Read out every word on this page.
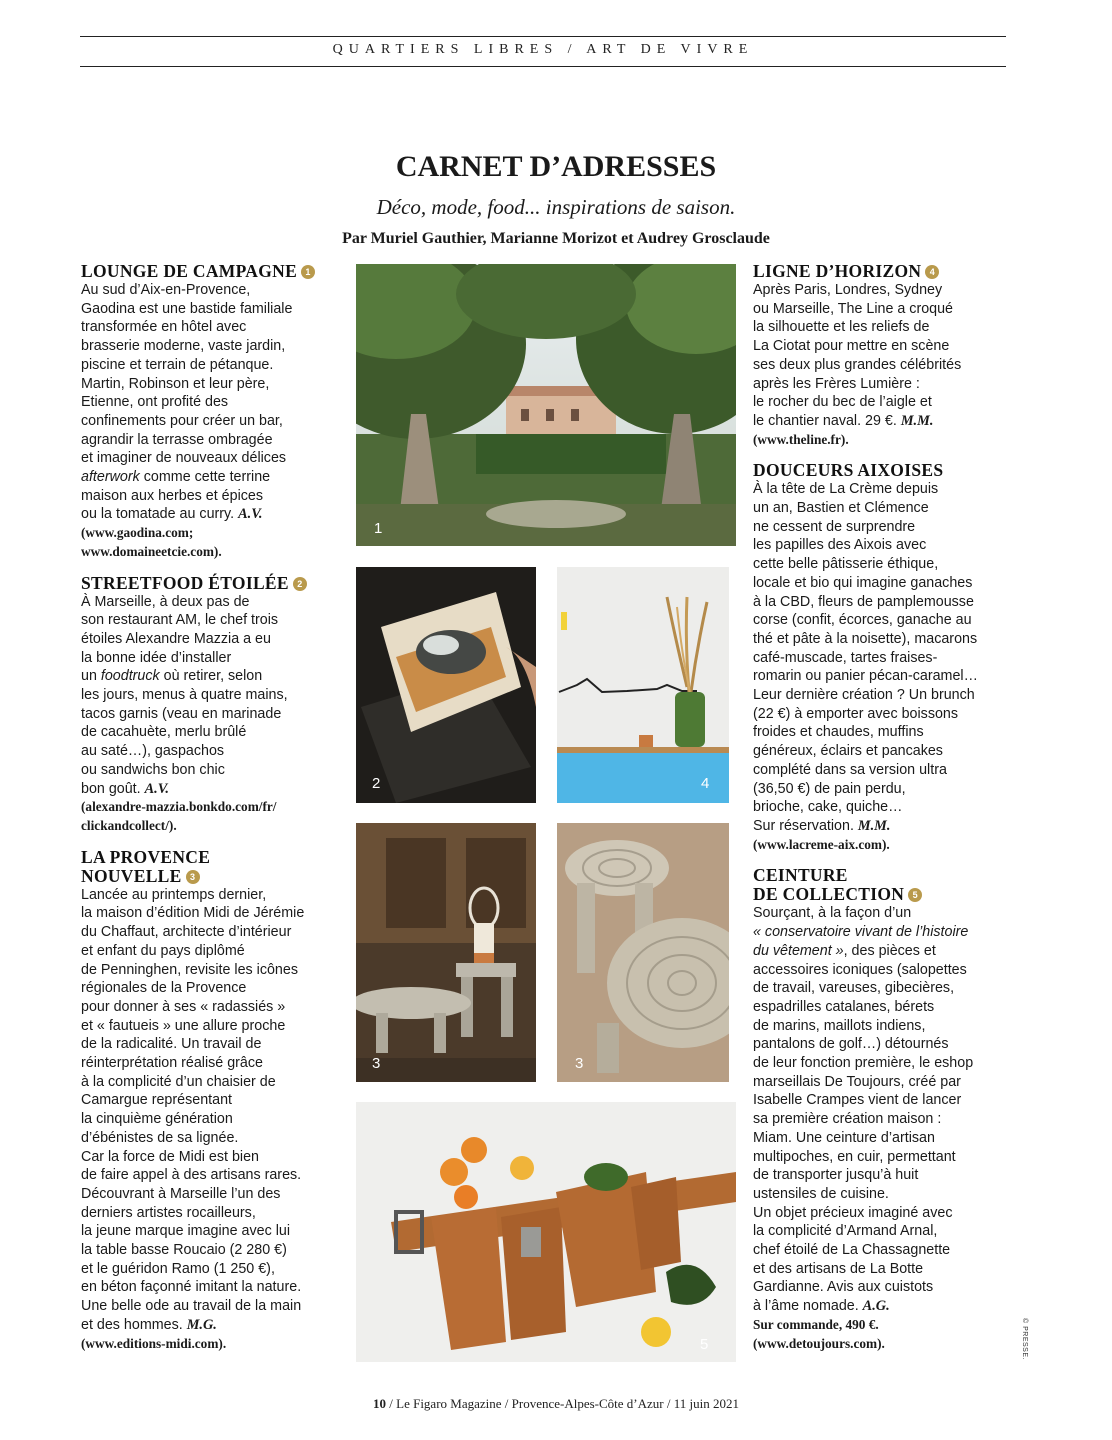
QUARTIERS LIBRES / ART DE VIVRE
CARNET D’ADRESSES
Déco, mode, food... inspirations de saison.
Par Muriel Gauthier, Marianne Morizot et Audrey Grosclaude
LOUNGE DE CAMPAGNE 1
Au sud d’Aix-en-Provence,
Gaodina est une bastide familiale
transformée en hôtel avec
brasserie moderne, vaste jardin,
piscine et terrain de pétanque.
Martin, Robinson et leur père,
Etienne, ont profité des
confinements pour créer un bar,
agrandir la terrasse ombragée
et imaginer de nouveaux délices
afterwork comme cette terrine
maison aux herbes et épices
ou la tomatade au curry. A.V.
(www.gaodina.com;
www.domaineetcie.com).
STREETFOOD ÉTOILÉE 2
À Marseille, à deux pas de
son restaurant AM, le chef trois
étoiles Alexandre Mazzia a eu
la bonne idée d’installer
un foodtruck où retirer, selon
les jours, menus à quatre mains,
tacos garnis (veau en marinade
de cacahuète, merlu brûlé
au saté…), gaspachos
ou sandwichs bon chic
bon goût. A.V.
(alexandre-mazzia.bonkdo.com/fr/
clickandcollect/).
LA PROVENCE
NOUVELLE 3
Lancée au printemps dernier,
la maison d’édition Midi de Jérémie
du Chaffaut, architecte d’intérieur
et enfant du pays diplômé
de Penninghen, revisite les icônes
régionales de la Provence
pour donner à ses « radassiés »
et « fautueis » une allure proche
de la radicalité. Un travail de
réinterprétation réalisé grâce
à la complicité d’un chaisier de
Camargue représentant
la cinquième génération
d’ébénistes de sa lignée.
Car la force de Midi est bien
de faire appel à des artisans rares.
Découvrant à Marseille l’un des
derniers artistes rocailleurs,
la jeune marque imagine avec lui
la table basse Roucaio (2 280 €)
et le guéridon Ramo (1 250 €),
en béton façonné imitant la nature.
Une belle ode au travail de la main
et des hommes. M.G.
(www.editions-midi.com).
LIGNE D’HORIZON 4
Après Paris, Londres, Sydney
ou Marseille, The Line a croqué
la silhouette et les reliefs de
La Ciotat pour mettre en scène
ses deux plus grandes célébrités
après les Frères Lumière :
le rocher du bec de l’aigle et
le chantier naval. 29 €. M.M.
(www.theline.fr).
DOUCEURS AIXOISES
À la tête de La Crème depuis
un an, Bastien et Clémence
ne cessent de surprendre
les papilles des Aixois avec
cette belle pâtisserie éthique,
locale et bio qui imagine ganaches
à la CBD, fleurs de pamplemousse
corse (confit, écorces, ganache au
thé et pâte à la noisette), macarons
café-muscade, tartes fraises-
romarin ou panier pécan-caramel…
Leur dernière création ? Un brunch
(22 €) à emporter avec boissons
froides et chaudes, muffins
généreux, éclairs et pancakes
complété dans sa version ultra
(36,50 €) de pain perdu,
brioche, cake, quiche…
Sur réservation. M.M.
(www.lacreme-aix.com).
CEINTURE
DE COLLECTION 5
Sourçant, à la façon d’un
« conservatoire vivant de l’histoire
du vêtement », des pièces et
accessoires iconiques (salopettes
de travail, vareuses, gibecières,
espadrilles catalanes, bérets
de marins, maillots indiens,
pantalons de golf…) détournés
de leur fonction première, le eshop
marseillais De Toujours, créé par
Isabelle Crampes vient de lancer
sa première création maison :
Miam. Une ceinture d’artisan
multipoches, en cuir, permettant
de transporter jusqu’à huit
ustensiles de cuisine.
Un objet précieux imaginé avec
la complicité d’Armand Arnal,
chef étoilé de La Chassagnette
et des artisans de La Botte
Gardianne. Avis aux cuistots
à l’âme nomade. A.G.
Sur commande, 490 €.
(www.detoujours.com).
1
2	4
3	3
5
10 / Le Figaro Magazine / Provence-Alpes-Côte d’Azur / 11 juin 2021
© PRESSE.
